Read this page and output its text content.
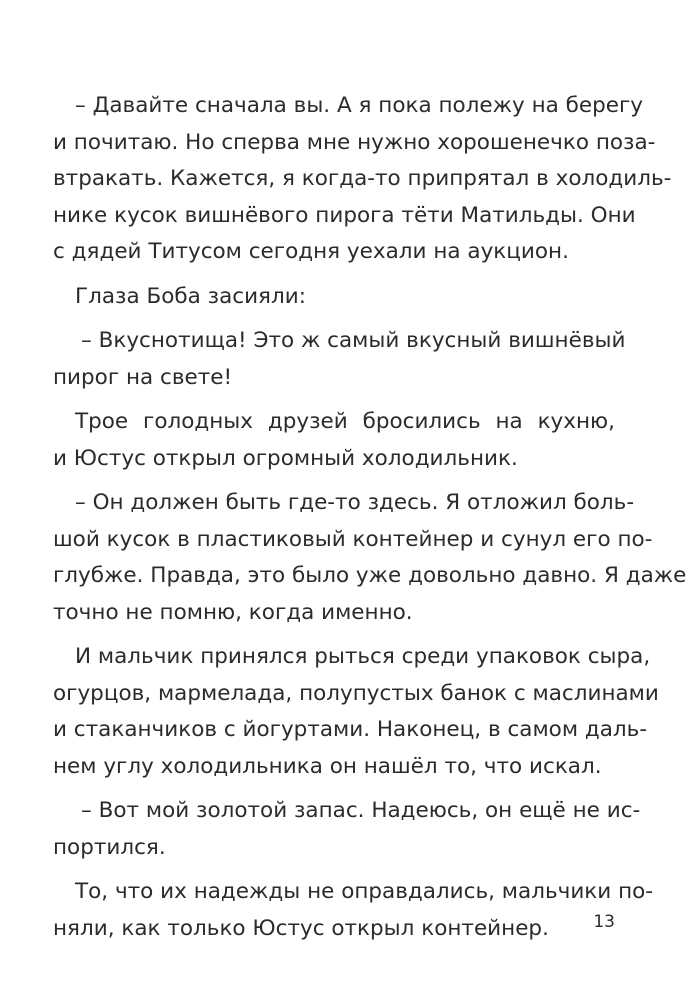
– Давайте сначала вы. А я пока полежу на берегу
и почитаю. Но сперва мне нужно хорошенечко поза-
втракать. Кажется, я когда-то припрятал в холодиль-
нике кусок вишнёвого пирога тёти Матильды. Они
с дядей Титусом сегодня уехали на аукцион.
Глаза Боба засияли:
– Вкуснотища! Это ж самый вкусный вишнёвый
пирог на свете!
Трое голодных друзей бросились на кухню,
и Юстус открыл огромный холодильник.
– Он должен быть где-то здесь. Я отложил боль-
шой кусок в пластиковый контейнер и сунул его по-
глубже. Правда, это было уже довольно давно. Я даже
точно не помню, когда именно.
И мальчик принялся рыться среди упаковок сыра,
огурцов, мармелада, полупустых банок с маслинами
и стаканчиков с йогуртами. Наконец, в самом даль-
нем углу холодильника он нашёл то, что искал.
– Вот мой золотой запас. Надеюсь, он ещё не ис-
портился.
То, что их надежды не оправдались, мальчики по-
няли, как только Юстус открыл контейнер.	13
